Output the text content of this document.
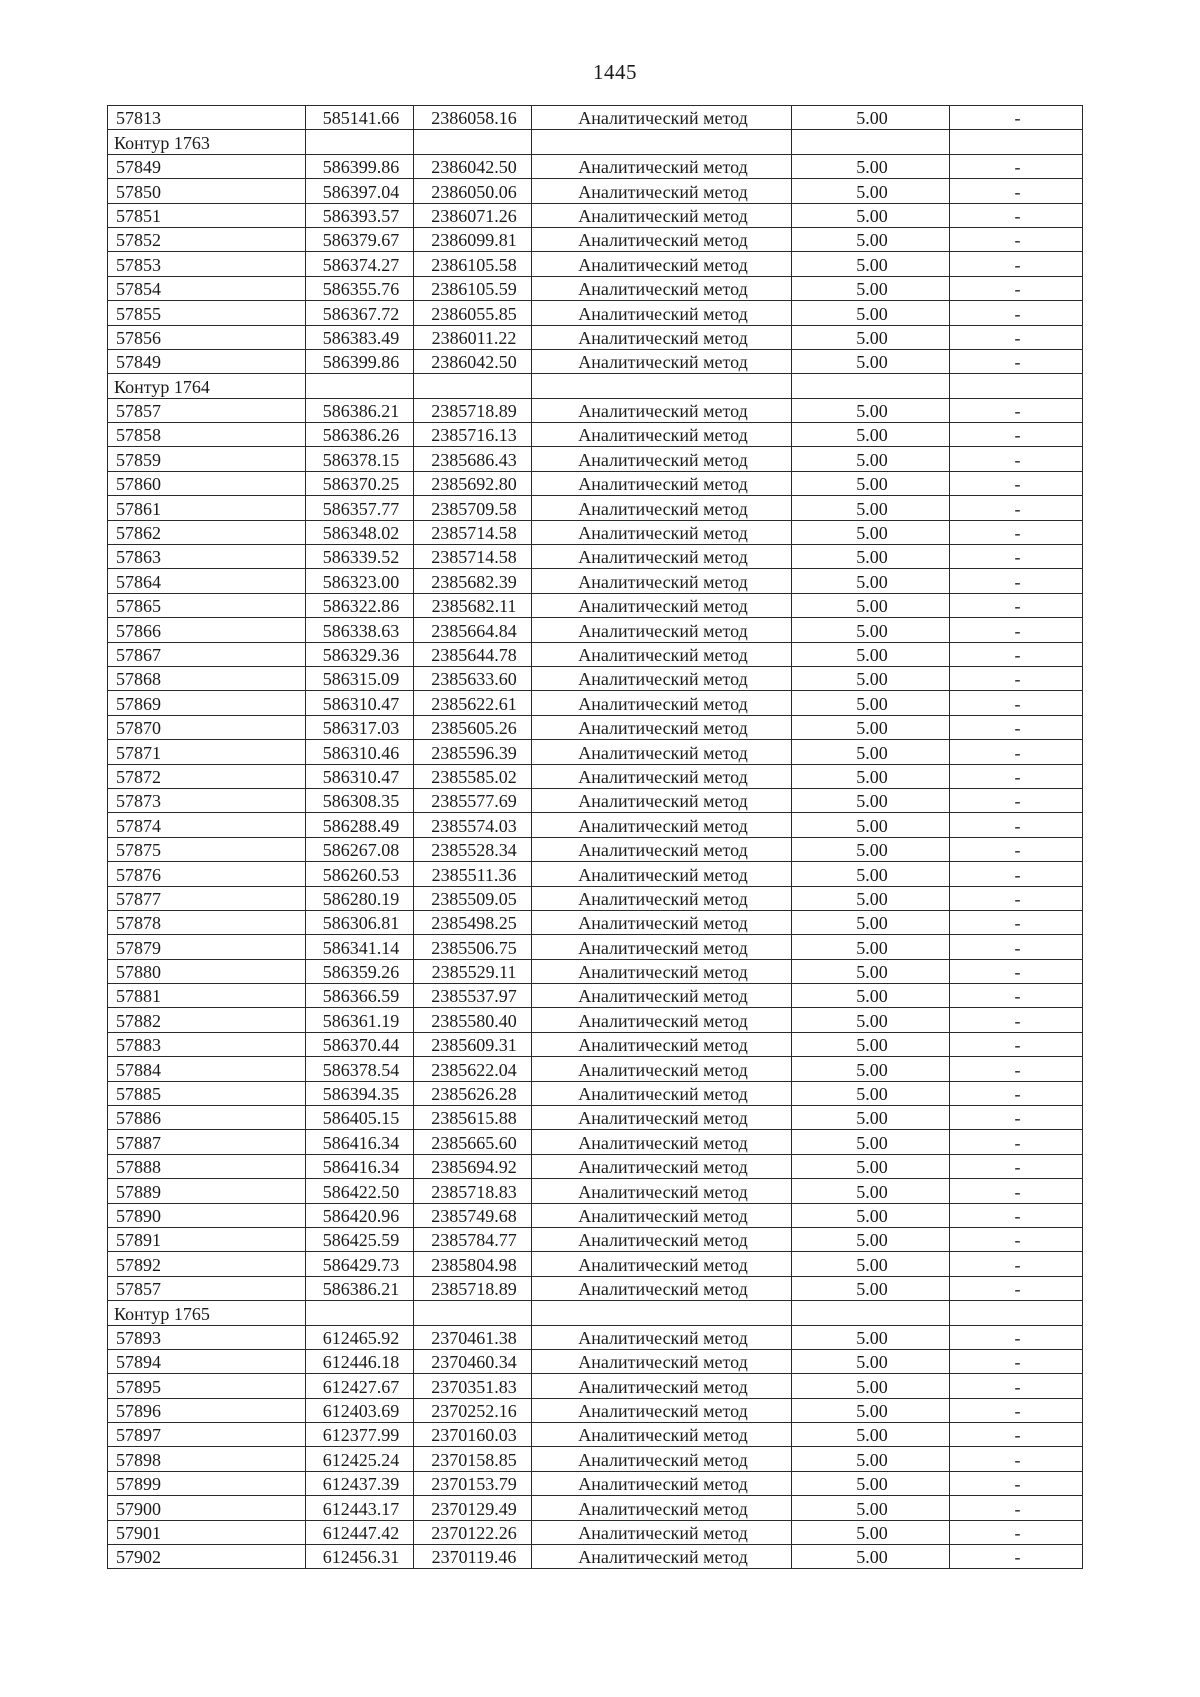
1445
57813	585141.66	2386058.16	Аналитический метод	5.00	-
Контур 1763					
57849	586399.86	2386042.50	Аналитический метод	5.00	-
57850	586397.04	2386050.06	Аналитический метод	5.00	-
57851	586393.57	2386071.26	Аналитический метод	5.00	-
57852	586379.67	2386099.81	Аналитический метод	5.00	-
57853	586374.27	2386105.58	Аналитический метод	5.00	-
57854	586355.76	2386105.59	Аналитический метод	5.00	-
57855	586367.72	2386055.85	Аналитический метод	5.00	-
57856	586383.49	2386011.22	Аналитический метод	5.00	-
57849	586399.86	2386042.50	Аналитический метод	5.00	-
Контур 1764					
57857	586386.21	2385718.89	Аналитический метод	5.00	-
57858	586386.26	2385716.13	Аналитический метод	5.00	-
57859	586378.15	2385686.43	Аналитический метод	5.00	-
57860	586370.25	2385692.80	Аналитический метод	5.00	-
57861	586357.77	2385709.58	Аналитический метод	5.00	-
57862	586348.02	2385714.58	Аналитический метод	5.00	-
57863	586339.52	2385714.58	Аналитический метод	5.00	-
57864	586323.00	2385682.39	Аналитический метод	5.00	-
57865	586322.86	2385682.11	Аналитический метод	5.00	-
57866	586338.63	2385664.84	Аналитический метод	5.00	-
57867	586329.36	2385644.78	Аналитический метод	5.00	-
57868	586315.09	2385633.60	Аналитический метод	5.00	-
57869	586310.47	2385622.61	Аналитический метод	5.00	-
57870	586317.03	2385605.26	Аналитический метод	5.00	-
57871	586310.46	2385596.39	Аналитический метод	5.00	-
57872	586310.47	2385585.02	Аналитический метод	5.00	-
57873	586308.35	2385577.69	Аналитический метод	5.00	-
57874	586288.49	2385574.03	Аналитический метод	5.00	-
57875	586267.08	2385528.34	Аналитический метод	5.00	-
57876	586260.53	2385511.36	Аналитический метод	5.00	-
57877	586280.19	2385509.05	Аналитический метод	5.00	-
57878	586306.81	2385498.25	Аналитический метод	5.00	-
57879	586341.14	2385506.75	Аналитический метод	5.00	-
57880	586359.26	2385529.11	Аналитический метод	5.00	-
57881	586366.59	2385537.97	Аналитический метод	5.00	-
57882	586361.19	2385580.40	Аналитический метод	5.00	-
57883	586370.44	2385609.31	Аналитический метод	5.00	-
57884	586378.54	2385622.04	Аналитический метод	5.00	-
57885	586394.35	2385626.28	Аналитический метод	5.00	-
57886	586405.15	2385615.88	Аналитический метод	5.00	-
57887	586416.34	2385665.60	Аналитический метод	5.00	-
57888	586416.34	2385694.92	Аналитический метод	5.00	-
57889	586422.50	2385718.83	Аналитический метод	5.00	-
57890	586420.96	2385749.68	Аналитический метод	5.00	-
57891	586425.59	2385784.77	Аналитический метод	5.00	-
57892	586429.73	2385804.98	Аналитический метод	5.00	-
57857	586386.21	2385718.89	Аналитический метод	5.00	-
Контур 1765					
57893	612465.92	2370461.38	Аналитический метод	5.00	-
57894	612446.18	2370460.34	Аналитический метод	5.00	-
57895	612427.67	2370351.83	Аналитический метод	5.00	-
57896	612403.69	2370252.16	Аналитический метод	5.00	-
57897	612377.99	2370160.03	Аналитический метод	5.00	-
57898	612425.24	2370158.85	Аналитический метод	5.00	-
57899	612437.39	2370153.79	Аналитический метод	5.00	-
57900	612443.17	2370129.49	Аналитический метод	5.00	-
57901	612447.42	2370122.26	Аналитический метод	5.00	-
57902	612456.31	2370119.46	Аналитический метод	5.00	-
